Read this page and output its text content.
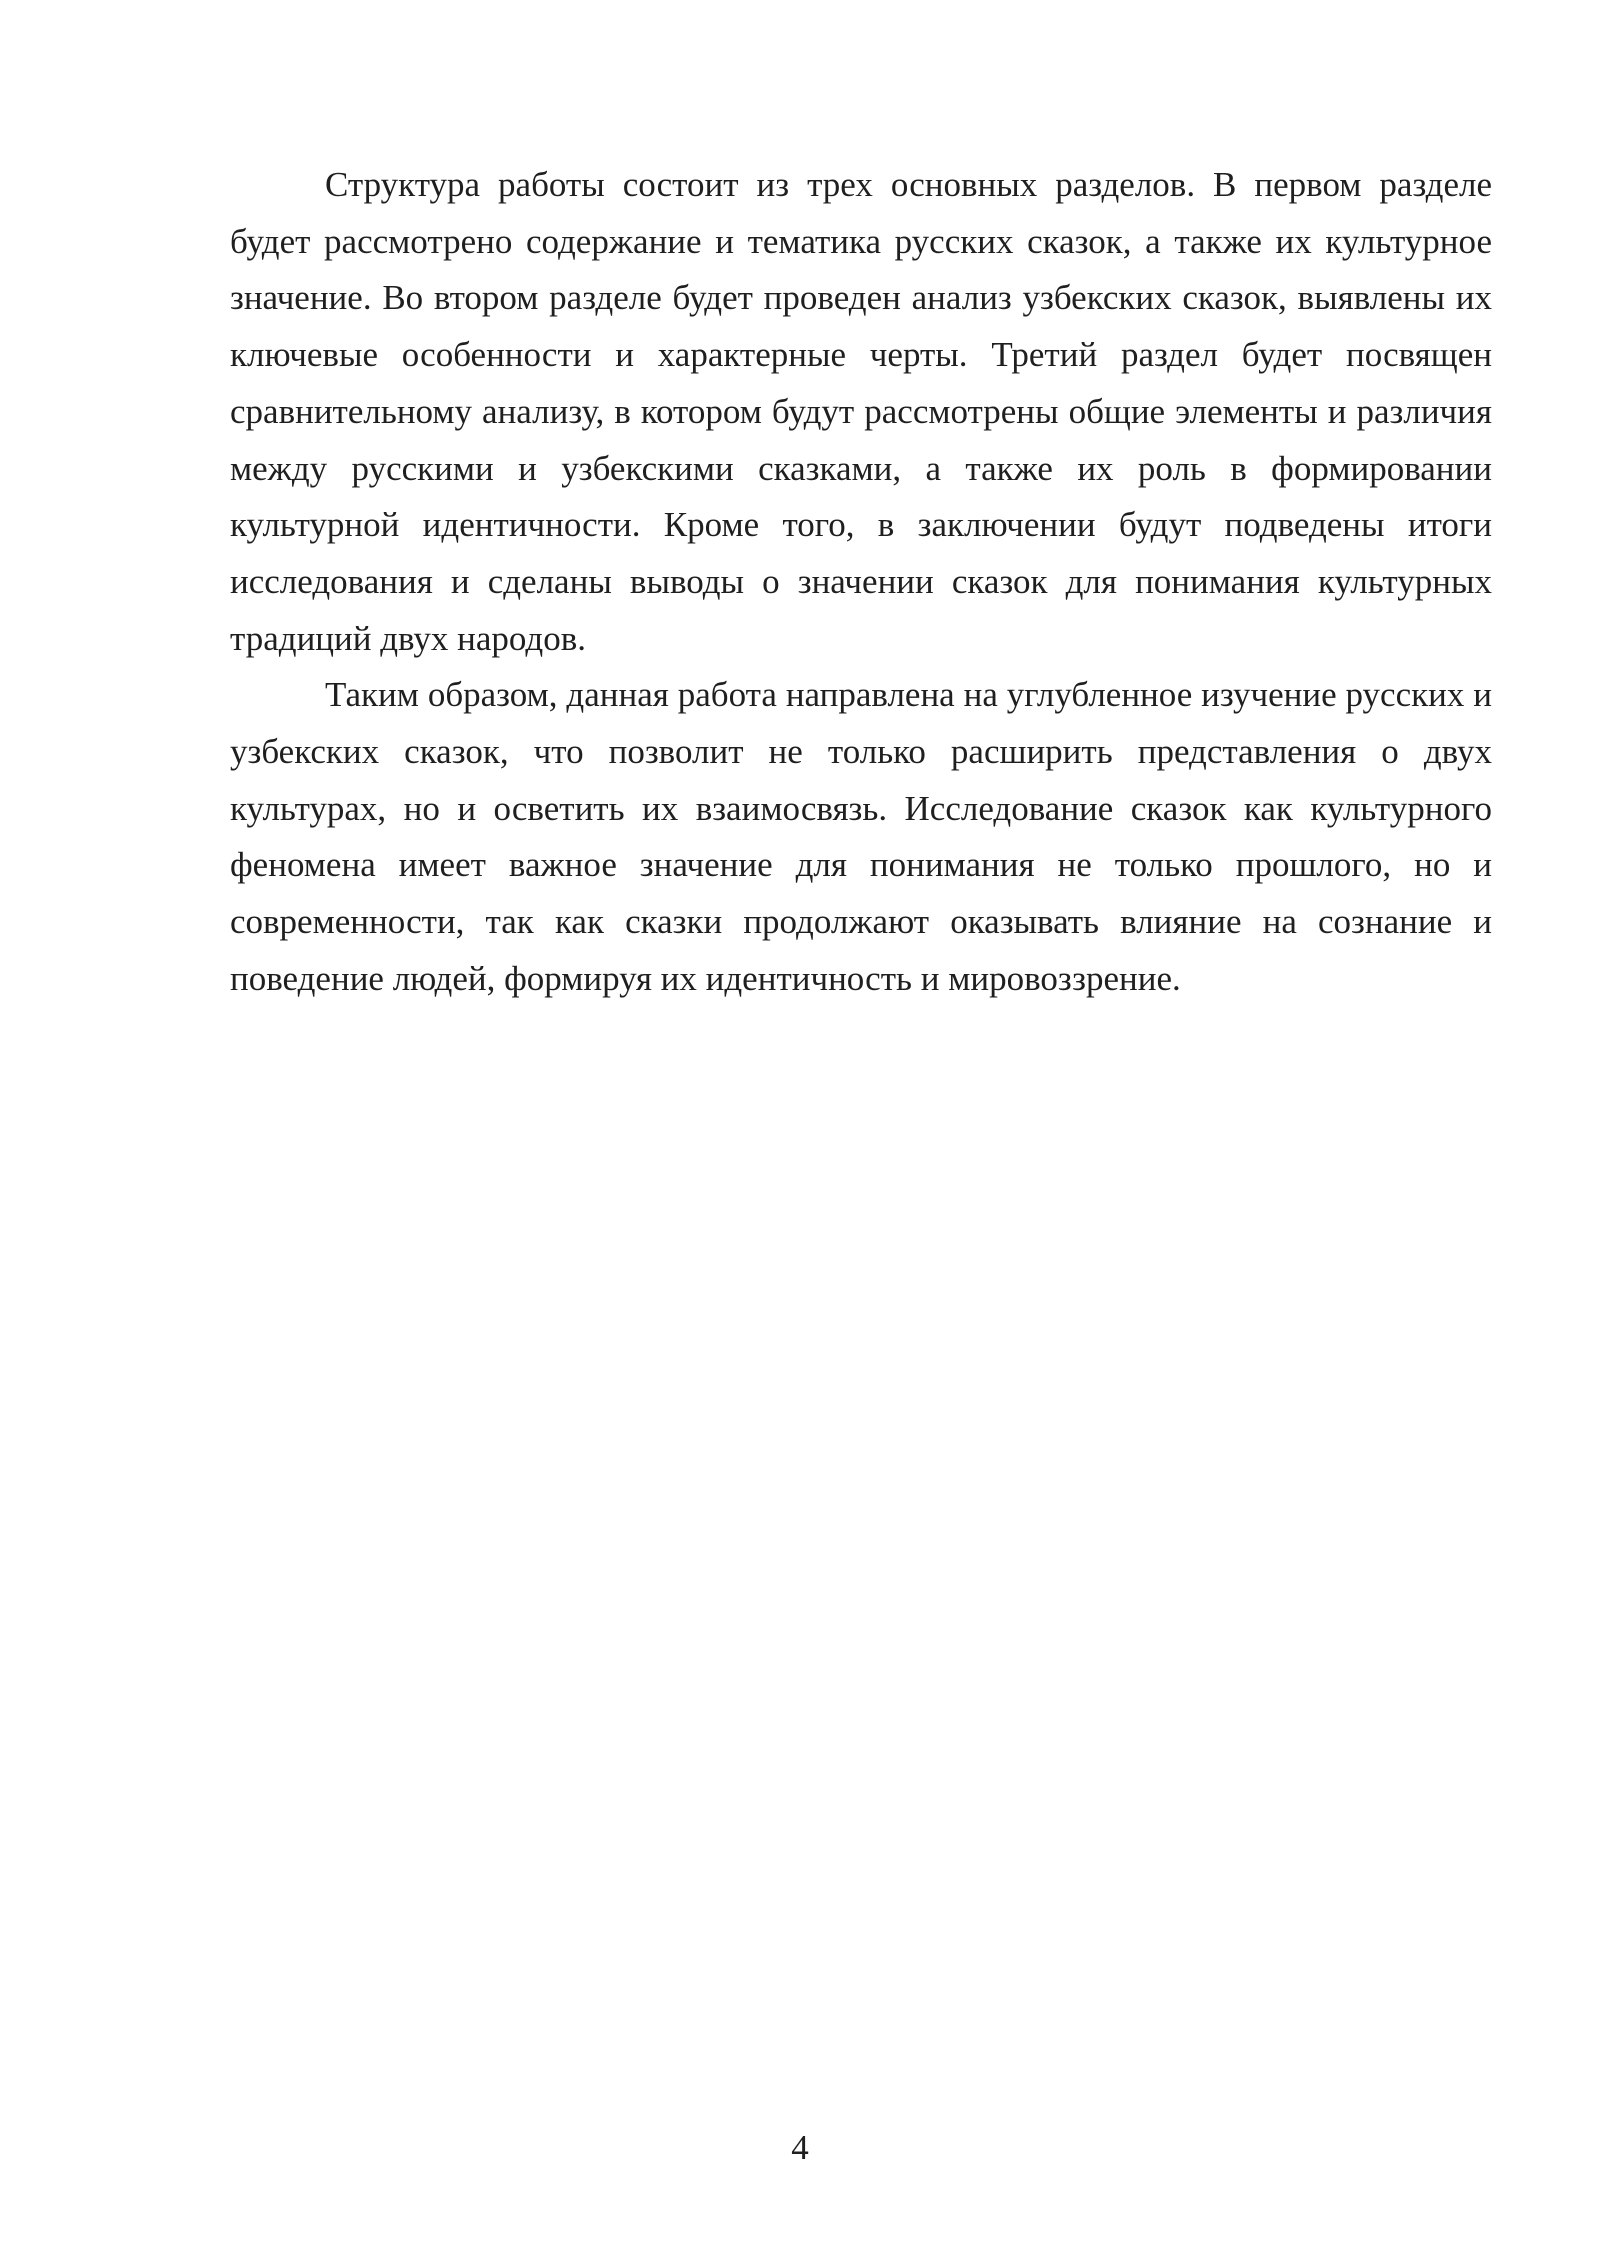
Структура работы состоит из трех основных разделов. В первом разделе будет рассмотрено содержание и тематика русских сказок, а также их культурное значение. Во втором разделе будет проведен анализ узбекских сказок, выявлены их ключевые особенности и характерные черты. Третий раздел будет посвящен сравнительному анализу, в котором будут рассмотрены общие элементы и различия между русскими и узбекскими сказками, а также их роль в формировании культурной идентичности. Кроме того, в заключении будут подведены итоги исследования и сделаны выводы о значении сказок для понимания культурных традиций двух народов.

Таким образом, данная работа направлена на углубленное изучение русских и узбекских сказок, что позволит не только расширить представления о двух культурах, но и осветить их взаимосвязь. Исследование сказок как культурного феномена имеет важное значение для понимания не только прошлого, но и современности, так как сказки продолжают оказывать влияние на сознание и поведение людей, формируя их идентичность и мировоззрение.

4
